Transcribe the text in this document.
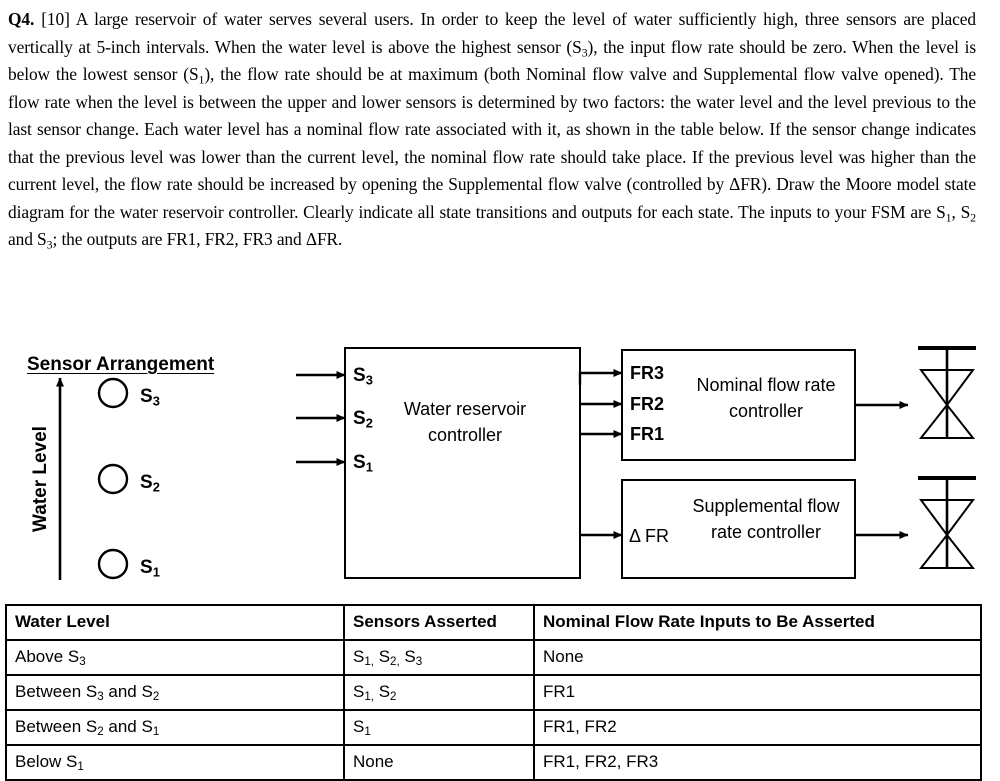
Q4. [10] A large reservoir of water serves several users. In order to keep the level of water sufficiently high, three sensors are placed vertically at 5-inch intervals. When the water level is above the highest sensor $(S_3)$, the input flow rate should be zero. When the level is below the lowest sensor $(S_1)$, the flow rate should be at maximum (both Nominal flow valve and Supplemental flow valve opened). The flow rate when the level is between the upper and lower sensors is determined by two factors: the water level and the level previous to the last sensor change. Each water level has a nominal flow rate associated with it, as shown in the table below. If the sensor change indicates that the previous level was lower than the current level, the nominal flow rate should take place. If the previous level was higher than the current level, the flow rate should be increased by opening the Supplemental flow valve (controlled by ΔFR). Draw the Moore model state diagram for the water reservoir controller. Clearly indicate all state transitions and outputs for each state. The inputs to your FSM are $S_1$, $S_2$ and $S_3$; the outputs are FR1, FR2, FR3 and ΔFR.

Sensor Arrangement
Water Level
$S_3$
$S_2$
$S_1$
$S_3$
$S_2$
$S_1$
Water reservoir controller
FR3
FR2
FR1
Nominal flow rate controller
Δ FR
Supplemental flow rate controller
Water Level	Sensors Asserted	Nominal Flow Rate Inputs to Be Asserted
Above $S_3$	$S_{1,}$ $S_{2,}$ $S_3$	None
Between $S_3$ and $S_2$	$S_{1,}$ $S_2$	FR1
Between $S_2$ and $S_1$	$S_1$	FR1, FR2
Below $S_1$	None	FR1, FR2, FR3
